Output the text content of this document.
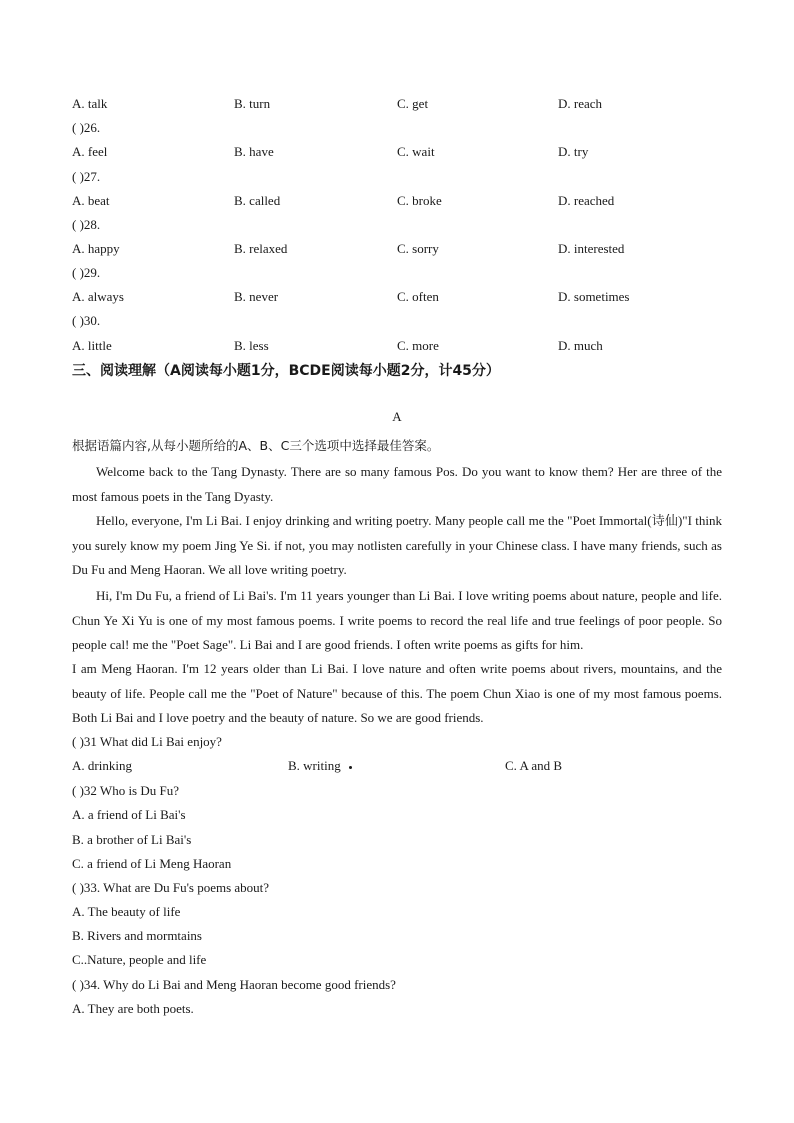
A. talk	B. turn	C. get	D. reach
( )26.
A. feel	B. have	C. wait	D. try
( )27.
A. beat	B. called	C. broke	D. reached
( )28.
A. happy	B. relaxed	C. sorry	D. interested
( )29.
A. always	B. never	C. often	D. sometimes
( )30.
A. little	B. less	C. more	D. much
三、阅读理解（A阅读每小题1分，BCDE阅读每小题2分，计45分）
A
根据语篇内容,从每小题所给的A、B、C三个选项中选择最佳答案。
Welcome back to the Tang Dynasty. There are so many famous Pos. Do you want to know them? Her are three of the most famous poets in the Tang Dyasty.
Hello, everyone, I'm Li Bai. I enjoy drinking and writing poetry. Many people call me the "Poet Immortal(诗仙)"I think you surely know my poem Jing Ye Si. if not, you may notlisten carefully in your Chinese class. I have many friends, such as Du Fu and Meng Haoran. We all love writing poetry.
Hi, I'm Du Fu, a friend of Li Bai's. I'm 11 years younger than Li Bai. I love writing poems about nature, people and life. Chun Ye Xi Yu is one of my most famous poems. I write poems to record the real life and true feelings of poor people. So people cal! me the "Poet Sage". Li Bai and I are good friends. I often write poems as gifts for him.
I am Meng Haoran. I'm 12 years older than Li Bai. I love nature and often write poems about rivers, mountains, and the beauty of life. People call me the "Poet of Nature" because of this. The poem Chun Xiao is one of my most famous poems. Both Li Bai and I love poetry and the beauty of nature. So we are good friends.
( )31 What did Li Bai enjoy?
A. drinking	B. writing	C. A and B
( )32 Who is Du Fu?
A. a friend of Li Bai's
B. a brother of Li Bai's
C. a friend of Li Meng Haoran
( )33. What are Du Fu's poems about?
A. The beauty of life
B. Rivers and mormtains
C..Nature, people and life
( )34. Why do Li Bai and Meng Haoran become good friends?
A. They are both poets.
